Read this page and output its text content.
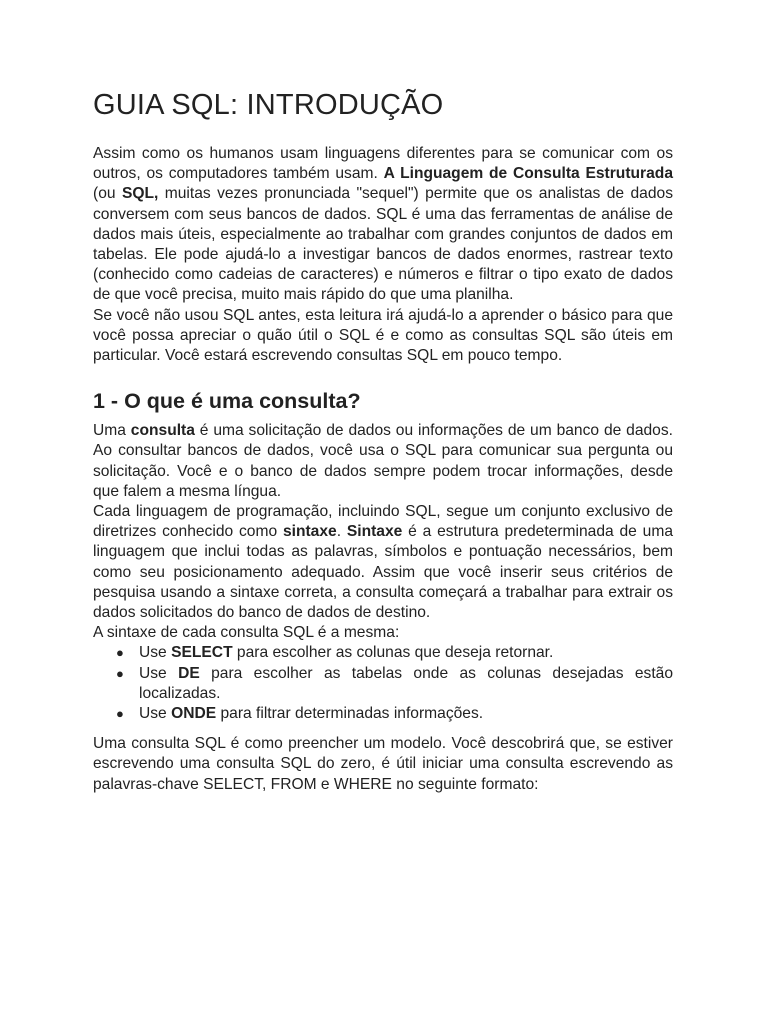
GUIA SQL: INTRODUÇÃO

Assim como os humanos usam linguagens diferentes para se comunicar com os outros, os computadores também usam. A Linguagem de Consulta Estruturada (ou SQL, muitas vezes pronunciada "sequel") permite que os analistas de dados conversem com seus bancos de dados. SQL é uma das ferramentas de análise de dados mais úteis, especialmente ao trabalhar com grandes conjuntos de dados em tabelas. Ele pode ajudá-lo a investigar bancos de dados enormes, rastrear texto (conhecido como cadeias de caracteres) e números e filtrar o tipo exato de dados de que você precisa, muito mais rápido do que uma planilha.

Se você não usou SQL antes, esta leitura irá ajudá-lo a aprender o básico para que você possa apreciar o quão útil o SQL é e como as consultas SQL são úteis em particular. Você estará escrevendo consultas SQL em pouco tempo.

1 - O que é uma consulta?

Uma consulta é uma solicitação de dados ou informações de um banco de dados. Ao consultar bancos de dados, você usa o SQL para comunicar sua pergunta ou solicitação. Você e o banco de dados sempre podem trocar informações, desde que falem a mesma língua.

Cada linguagem de programação, incluindo SQL, segue um conjunto exclusivo de diretrizes conhecido como sintaxe. Sintaxe é a estrutura predeterminada de uma linguagem que inclui todas as palavras, símbolos e pontuação necessários, bem como seu posicionamento adequado. Assim que você inserir seus critérios de pesquisa usando a sintaxe correta, a consulta começará a trabalhar para extrair os dados solicitados do banco de dados de destino.

A sintaxe de cada consulta SQL é a mesma:

● Use SELECT para escolher as colunas que deseja retornar.
● Use DE para escolher as tabelas onde as colunas desejadas estão localizadas.
● Use ONDE para filtrar determinadas informações.

Uma consulta SQL é como preencher um modelo. Você descobrirá que, se estiver escrevendo uma consulta SQL do zero, é útil iniciar uma consulta escrevendo as palavras-chave SELECT, FROM e WHERE no seguinte formato:
